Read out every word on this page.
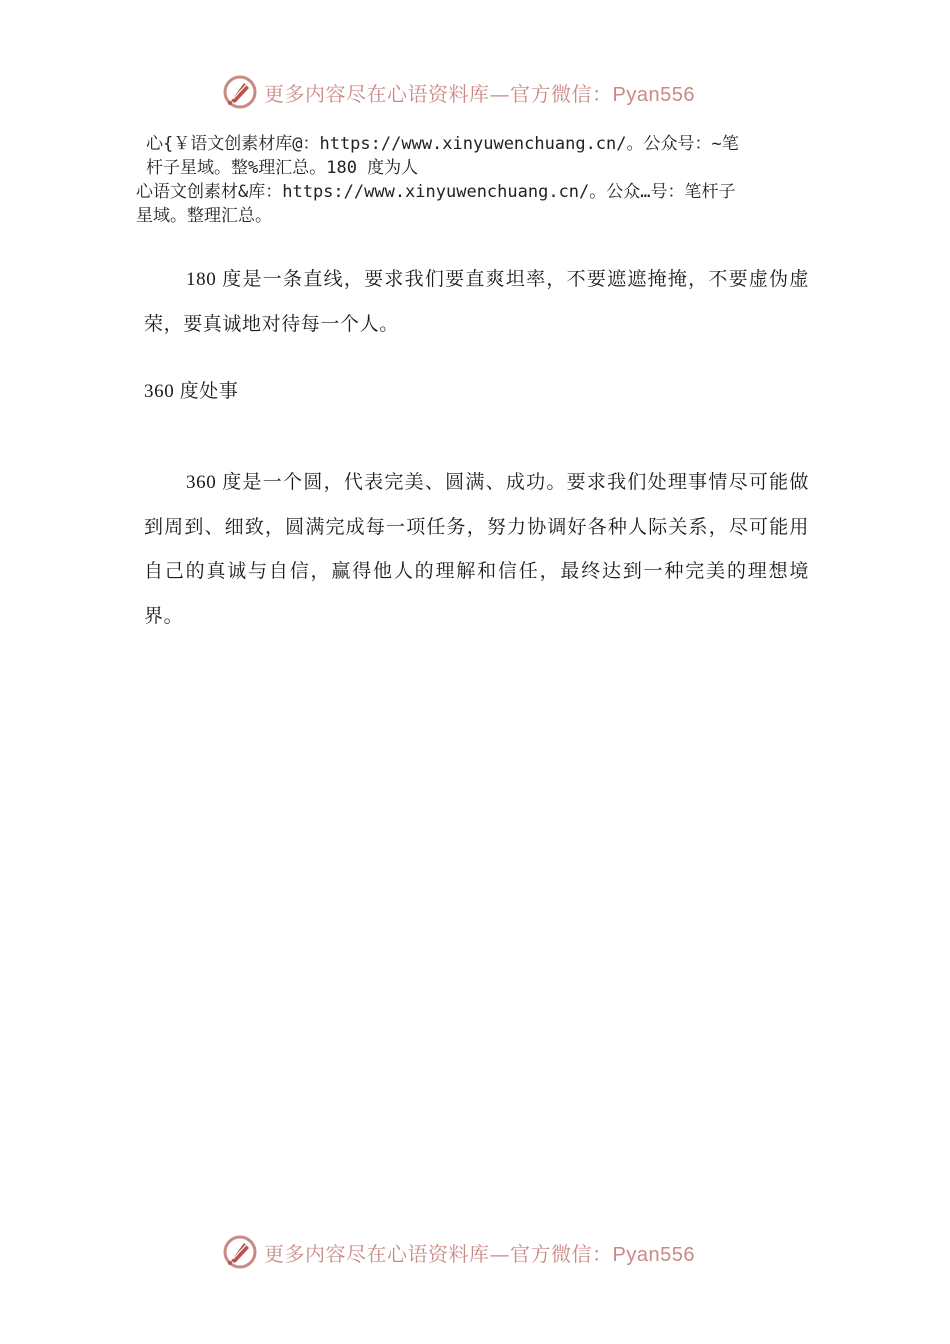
更多内容尽在心语资料库—官方微信：Pyan556
心{￥语文创素材库@：https://www.xinyuwenchuang.cn/。公众号：~笔
杆子星域。整%理汇总。180 度为人
心语文创素材&库：https://www.xinyuwenchuang.cn/。公众…号：笔杆子
星域。整理汇总。
180 度是一条直线，要求我们要直爽坦率，不要遮遮掩掩，不要虚伪虚荣，要真诚地对待每一个人。
360 度处事
360 度是一个圆，代表完美、圆满、成功。要求我们处理事情尽可能做到周到、细致，圆满完成每一项任务，努力协调好各种人际关系，尽可能用自己的真诚与自信，赢得他人的理解和信任，最终达到一种完美的理想境界。
更多内容尽在心语资料库—官方微信：Pyan556
